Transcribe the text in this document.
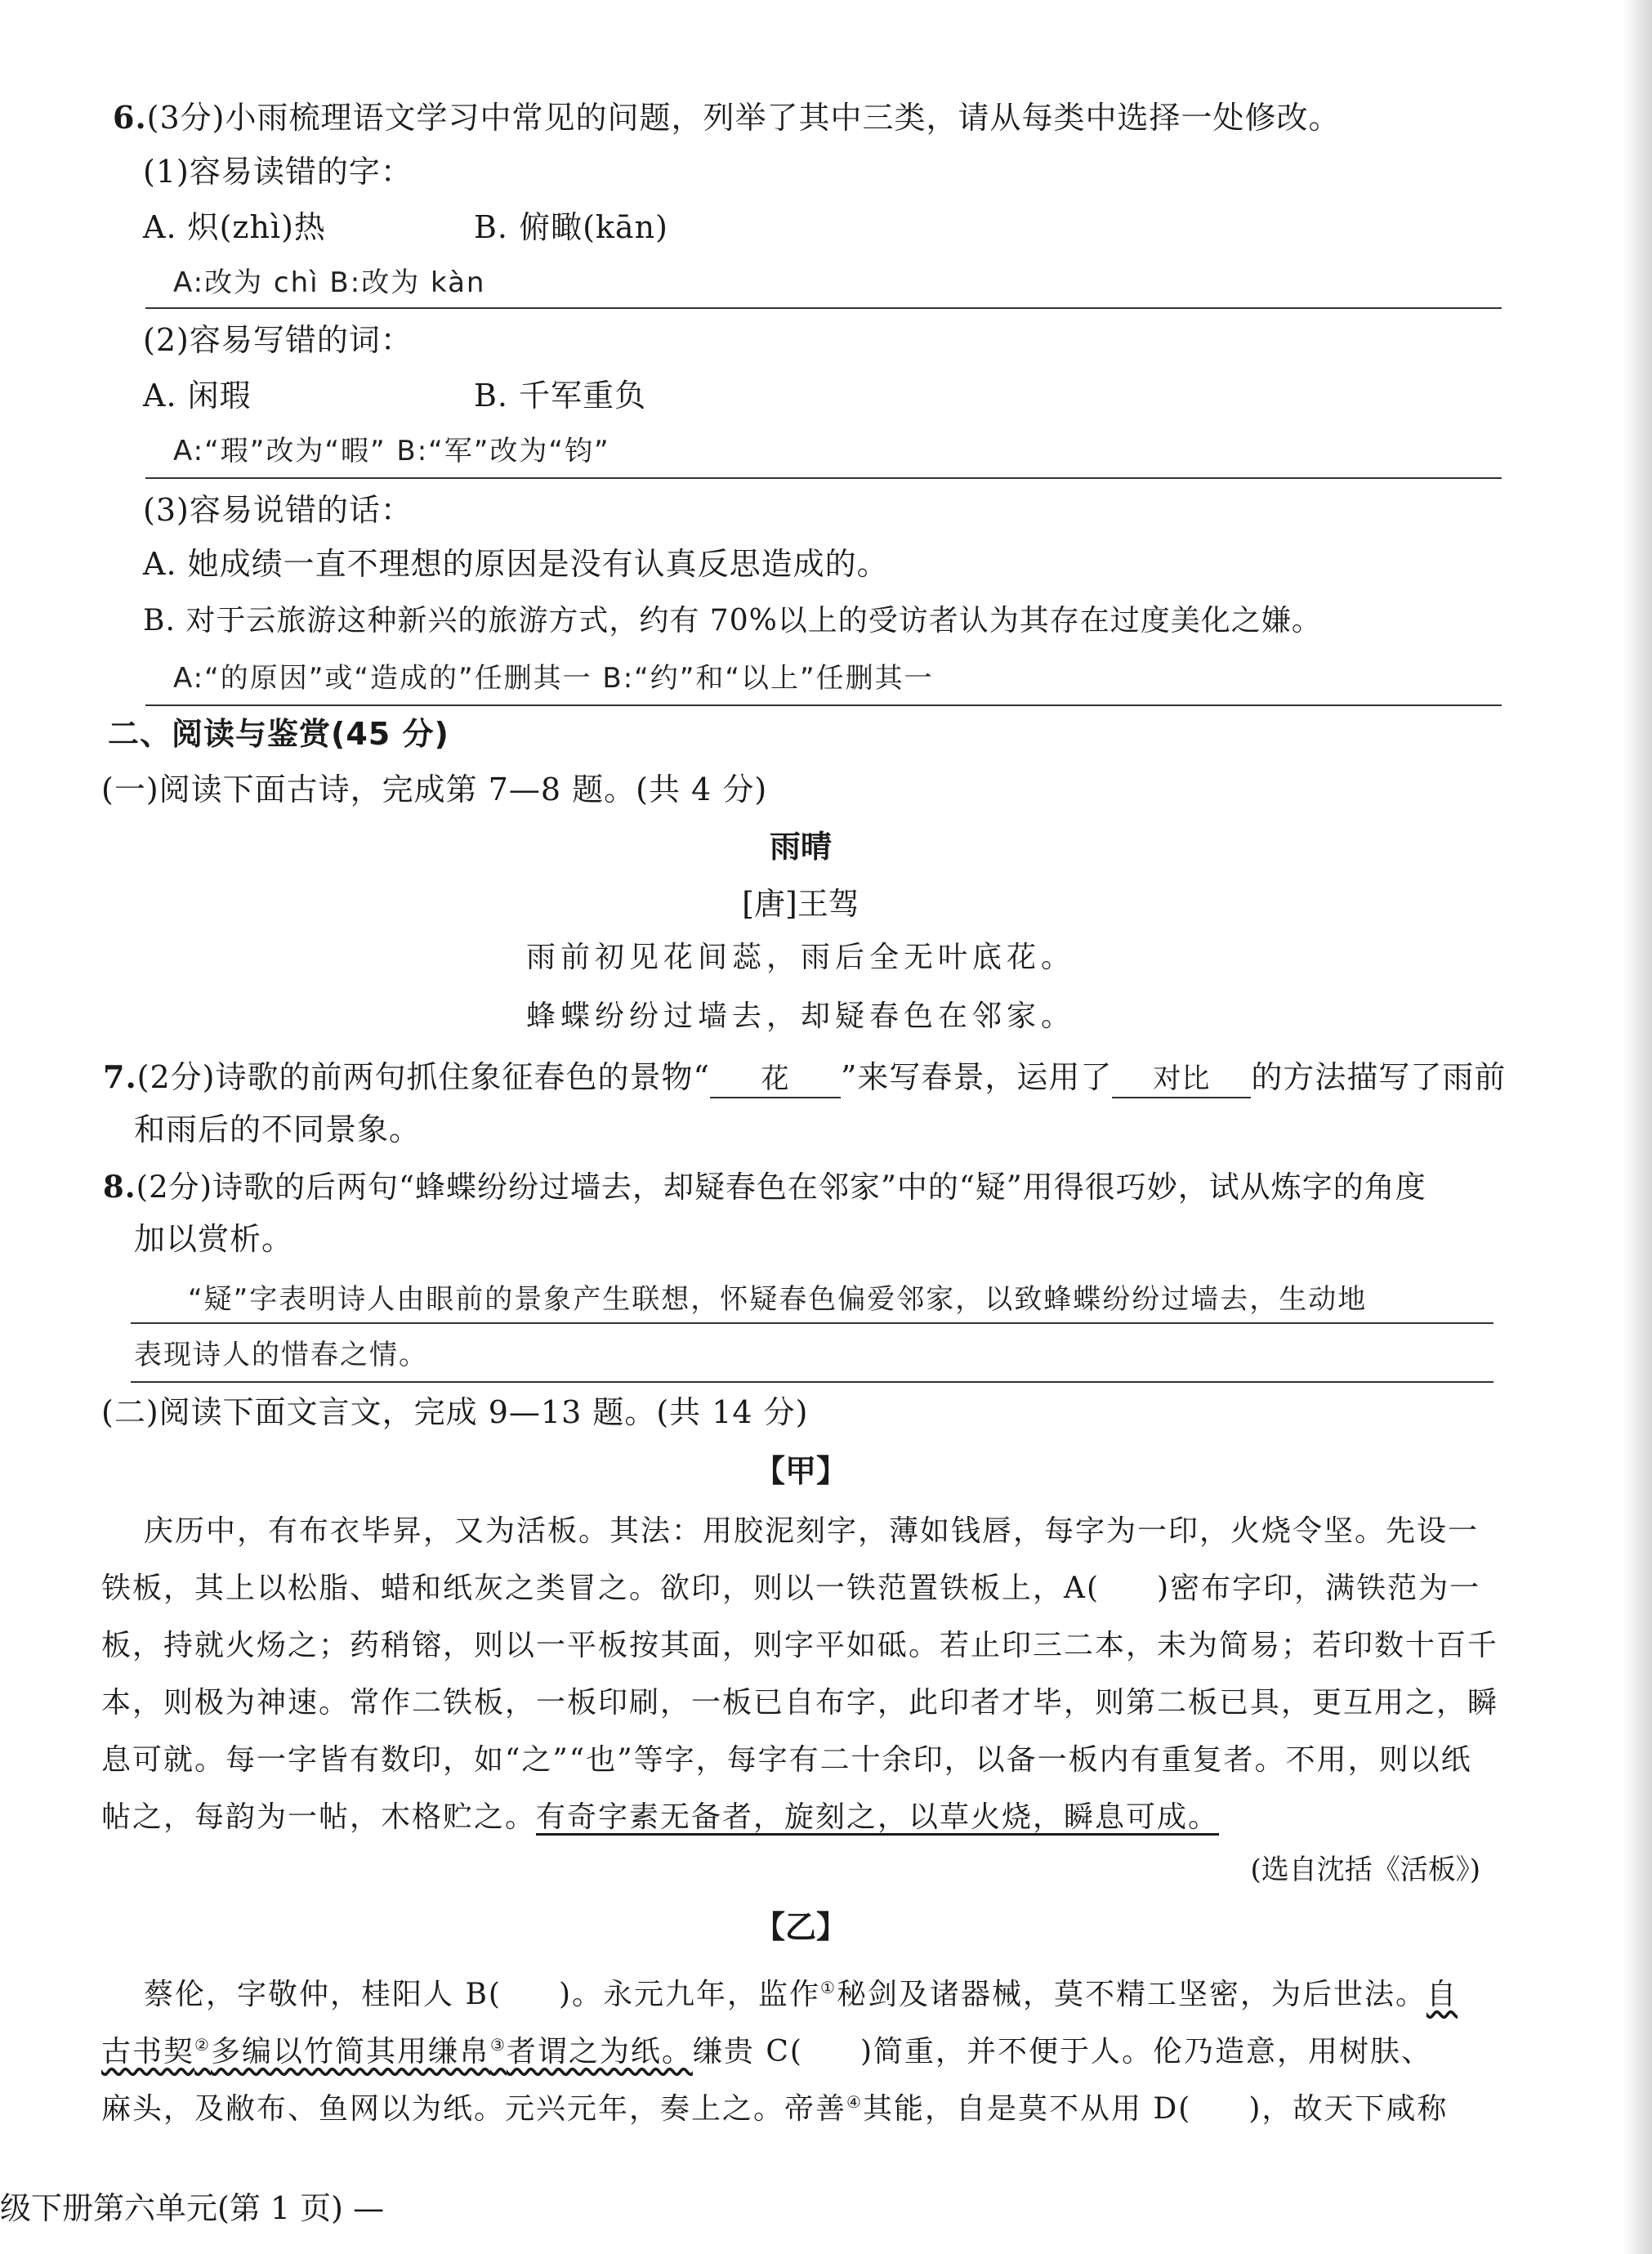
6.(3分)小雨梳理语文学习中常见的问题，列举了其中三类，请从每类中选择一处修改。
(1)容易读错的字：
A. 炽(zhì)热	B. 俯瞰(kān)
A:改为 chì B:改为 kàn
(2)容易写错的词：
A. 闲瑕	B. 千军重负
A:“瑕”改为“暇” B:“军”改为“钧”
(3)容易说错的话：
A. 她成绩一直不理想的原因是没有认真反思造成的。
B. 对于云旅游这种新兴的旅游方式，约有 70%以上的受访者认为其存在过度美化之嫌。
A:“的原因”或“造成的”任删其一 B:“约”和“以上”任删其一
二、阅读与鉴赏(45 分)
(一)阅读下面古诗，完成第 7—8 题。(共 4 分)
雨晴
[唐]王驾
雨前初见花间蕊，雨后全无叶底花。
蜂蝶纷纷过墙去，却疑春色在邻家。
7.(2分)诗歌的前两句抓住象征春色的景物“ 花 ”来写春景，运用了 对比 的方法描写了雨前
和雨后的不同景象。
8.(2分)诗歌的后两句“蜂蝶纷纷过墙去，却疑春色在邻家”中的“疑”用得很巧妙，试从炼字的角度
加以赏析。
“疑”字表明诗人由眼前的景象产生联想，怀疑春色偏爱邻家，以致蜂蝶纷纷过墙去，生动地
表现诗人的惜春之情。
(二)阅读下面文言文，完成 9—13 题。(共 14 分)
【甲】
庆历中，有布衣毕昇，又为活板。其法：用胶泥刻字，薄如钱唇，每字为一印，火烧令坚。先设一
铁板，其上以松脂、蜡和纸灰之类冒之。欲印，则以一铁范置铁板上，A( )密布字印，满铁范为一
板，持就火炀之；药稍镕，则以一平板按其面，则字平如砥。若止印三二本，未为简易；若印数十百千
本，则极为神速。常作二铁板，一板印刷，一板已自布字，此印者才毕，则第二板已具，更互用之，瞬
息可就。每一字皆有数印，如“之”“也”等字，每字有二十余印，以备一板内有重复者。不用，则以纸
帖之，每韵为一帖，木格贮之。有奇字素无备者，旋刻之，以草火烧，瞬息可成。
(选自沈括《活板》)
【乙】
蔡伦，字敬仲，桂阳人 B( )。永元九年，监作①秘剑及诸器械，莫不精工坚密，为后世法。自
古书契②多编以竹简其用缣帛③者谓之为纸。缣贵 C( )简重，并不便于人。伦乃造意，用树肤、
麻头，及敝布、鱼网以为纸。元兴元年，奏上之。帝善④其能，自是莫不从用 D( )，故天下咸称
级下册第六单元(第 1 页) —
